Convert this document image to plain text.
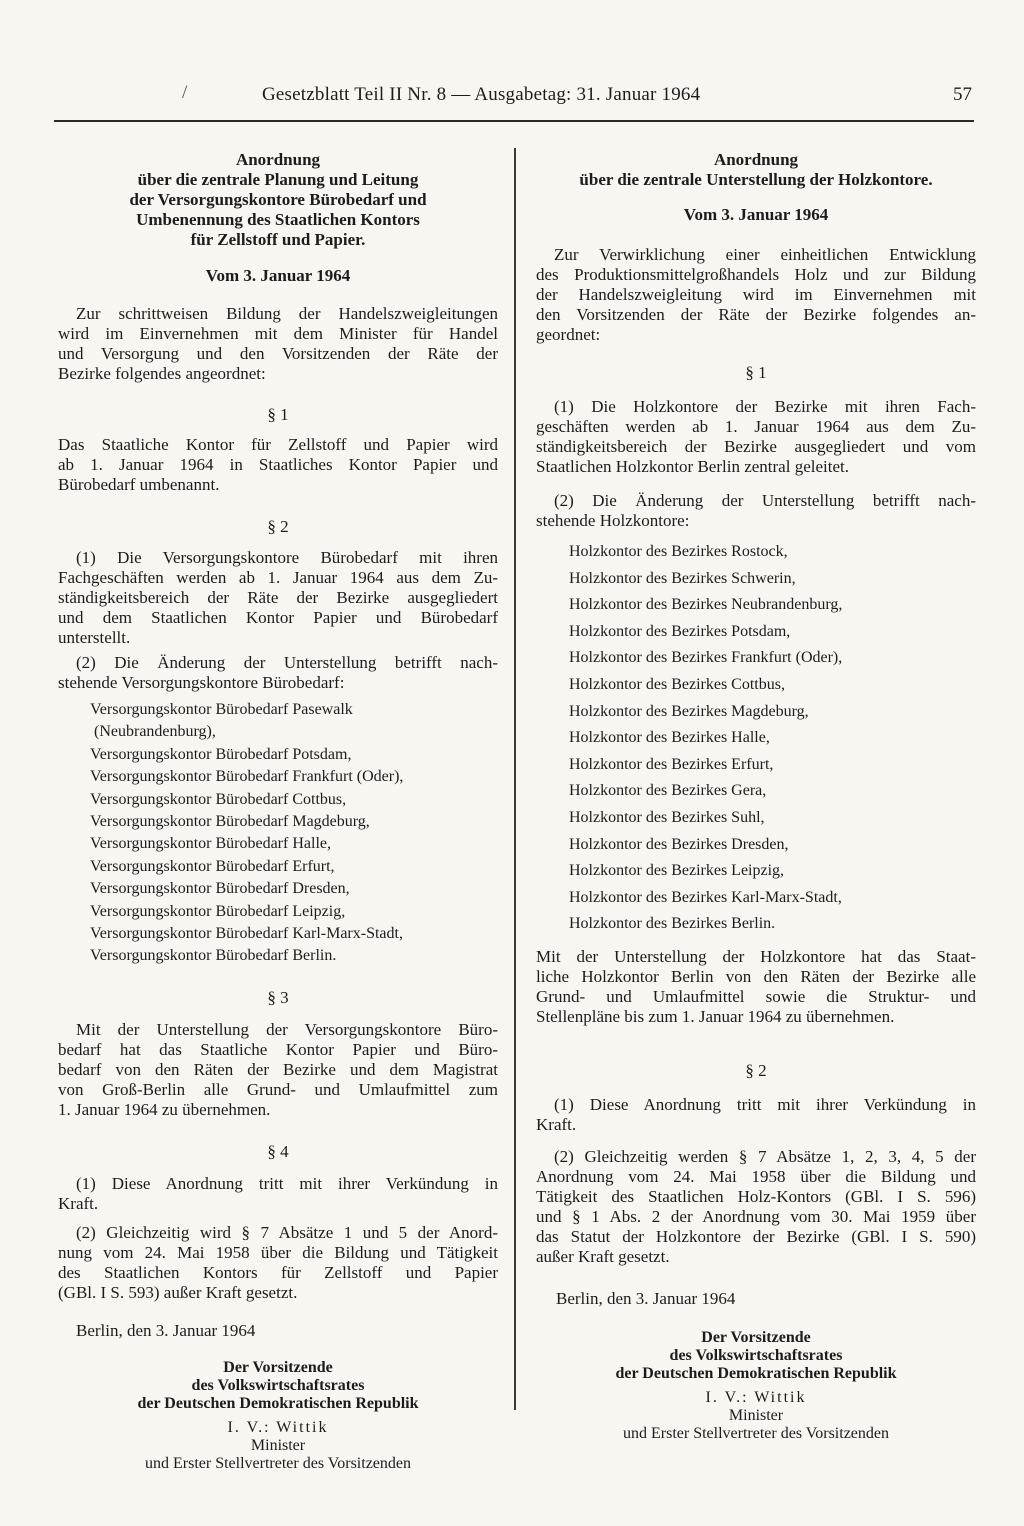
/	Gesetzblatt Teil II Nr. 8 — Ausgabetag: 31. Januar 1964	57

Anordnung

über die zentrale Planung und Leitung

der Versorgungskontore Bürobedarf und

Umbenennung des Staatlichen Kontors

für Zellstoff und Papier.

Vom 3. Januar 1964

Zur schrittweisen Bildung der Handelszweigleitungen

wird im Einvernehmen mit dem Minister für Handel

und Versorgung und den Vorsitzenden der Räte der

Bezirke folgendes angeordnet:

§ 1

Das Staatliche Kontor für Zellstoff und Papier wird

ab 1. Januar 1964 in Staatliches Kontor Papier und

Bürobedarf umbenannt.

§ 2

(1) Die Versorgungskontore Bürobedarf mit ihren

Fachgeschäften werden ab 1. Januar 1964 aus dem Zu-

ständigkeitsbereich der Räte der Bezirke ausgegliedert

und dem Staatlichen Kontor Papier und Bürobedarf

unterstellt.

(2) Die Änderung der Unterstellung betrifft nach-

stehende Versorgungskontore Bürobedarf:

Versorgungskontor Bürobedarf Pasewalk
(Neubrandenburg),
Versorgungskontor Bürobedarf Potsdam,
Versorgungskontor Bürobedarf Frankfurt (Oder),
Versorgungskontor Bürobedarf Cottbus,
Versorgungskontor Bürobedarf Magdeburg,
Versorgungskontor Bürobedarf Halle,
Versorgungskontor Bürobedarf Erfurt,
Versorgungskontor Bürobedarf Dresden,
Versorgungskontor Bürobedarf Leipzig,
Versorgungskontor Bürobedarf Karl-Marx-Stadt,
Versorgungskontor Bürobedarf Berlin.

§ 3

Mit der Unterstellung der Versorgungskontore Büro-

bedarf hat das Staatliche Kontor Papier und Büro-

bedarf von den Räten der Bezirke und dem Magistrat

von Groß-Berlin alle Grund- und Umlaufmittel zum

1. Januar 1964 zu übernehmen.

§ 4

(1) Diese Anordnung tritt mit ihrer Verkündung in

Kraft.

(2) Gleichzeitig wird § 7 Absätze 1 und 5 der Anord-

nung vom 24. Mai 1958 über die Bildung und Tätigkeit

des Staatlichen Kontors für Zellstoff und Papier

(GBl. I S. 593) außer Kraft gesetzt.

Berlin, den 3. Januar 1964

Der Vorsitzende

des Volkswirtschaftsrates

der Deutschen Demokratischen Republik

I. V.: Wittik

Minister

und Erster Stellvertreter des Vorsitzenden

Anordnung

über die zentrale Unterstellung der Holzkontore.

Vom 3. Januar 1964

Zur Verwirklichung einer einheitlichen Entwicklung

des Produktionsmittelgroßhandels Holz und zur Bildung

der Handelszweigleitung wird im Einvernehmen mit

den Vorsitzenden der Räte der Bezirke folgendes an-

geordnet:

§ 1

(1) Die Holzkontore der Bezirke mit ihren Fach-

geschäften werden ab 1. Januar 1964 aus dem Zu-

ständigkeitsbereich der Bezirke ausgegliedert und vom

Staatlichen Holzkontor Berlin zentral geleitet.

(2) Die Änderung der Unterstellung betrifft nach-

stehende Holzkontore:

Holzkontor des Bezirkes Rostock,
Holzkontor des Bezirkes Schwerin,
Holzkontor des Bezirkes Neubrandenburg,
Holzkontor des Bezirkes Potsdam,
Holzkontor des Bezirkes Frankfurt (Oder),
Holzkontor des Bezirkes Cottbus,
Holzkontor des Bezirkes Magdeburg,
Holzkontor des Bezirkes Halle,
Holzkontor des Bezirkes Erfurt,
Holzkontor des Bezirkes Gera,
Holzkontor des Bezirkes Suhl,
Holzkontor des Bezirkes Dresden,
Holzkontor des Bezirkes Leipzig,
Holzkontor des Bezirkes Karl-Marx-Stadt,
Holzkontor des Bezirkes Berlin.

Mit der Unterstellung der Holzkontore hat das Staat-

liche Holzkontor Berlin von den Räten der Bezirke alle

Grund- und Umlaufmittel sowie die Struktur- und

Stellenpläne bis zum 1. Januar 1964 zu übernehmen.

§ 2

(1) Diese Anordnung tritt mit ihrer Verkündung in

Kraft.

(2) Gleichzeitig werden § 7 Absätze 1, 2, 3, 4, 5 der

Anordnung vom 24. Mai 1958 über die Bildung und

Tätigkeit des Staatlichen Holz-Kontors (GBl. I S. 596)

und § 1 Abs. 2 der Anordnung vom 30. Mai 1959 über

das Statut der Holzkontore der Bezirke (GBl. I S. 590)

außer Kraft gesetzt.

Berlin, den 3. Januar 1964

Der Vorsitzende

des Volkswirtschaftsrates

der Deutschen Demokratischen Republik

I. V.: Wittik

Minister

und Erster Stellvertreter des Vorsitzenden
